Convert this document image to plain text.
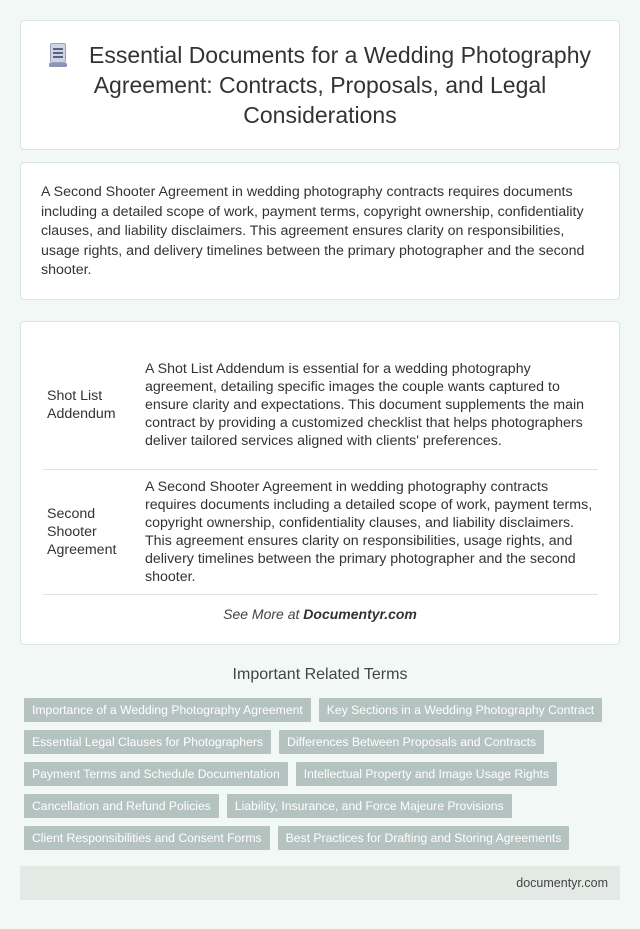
Essential Documents for a Wedding Photography Agreement: Contracts, Proposals, and Legal Considerations

A Second Shooter Agreement in wedding photography contracts requires documents including a detailed scope of work, payment terms, copyright ownership, confidentiality clauses, and liability disclaimers. This agreement ensures clarity on responsibilities, usage rights, and delivery timelines between the primary photographer and the second shooter.

Shot List Addendum	A Shot List Addendum is essential for a wedding photography agreement, detailing specific images the couple wants captured to ensure clarity and expectations. This document supplements the main contract by providing a customized checklist that helps photographers deliver tailored services aligned with clients' preferences.
Second Shooter Agreement	A Second Shooter Agreement in wedding photography contracts requires documents including a detailed scope of work, payment terms, copyright ownership, confidentiality clauses, and liability disclaimers. This agreement ensures clarity on responsibilities, usage rights, and delivery timelines between the primary photographer and the second shooter.
See More at Documentyr.com
Important Related Terms
Importance of a Wedding Photography Agreement	Key Sections in a Wedding Photography Contract
Essential Legal Clauses for Photographers	Differences Between Proposals and Contracts
Payment Terms and Schedule Documentation	Intellectual Property and Image Usage Rights
Cancellation and Refund Policies	Liability, Insurance, and Force Majeure Provisions
Client Responsibilities and Consent Forms	Best Practices for Drafting and Storing Agreements
documentyr.com
